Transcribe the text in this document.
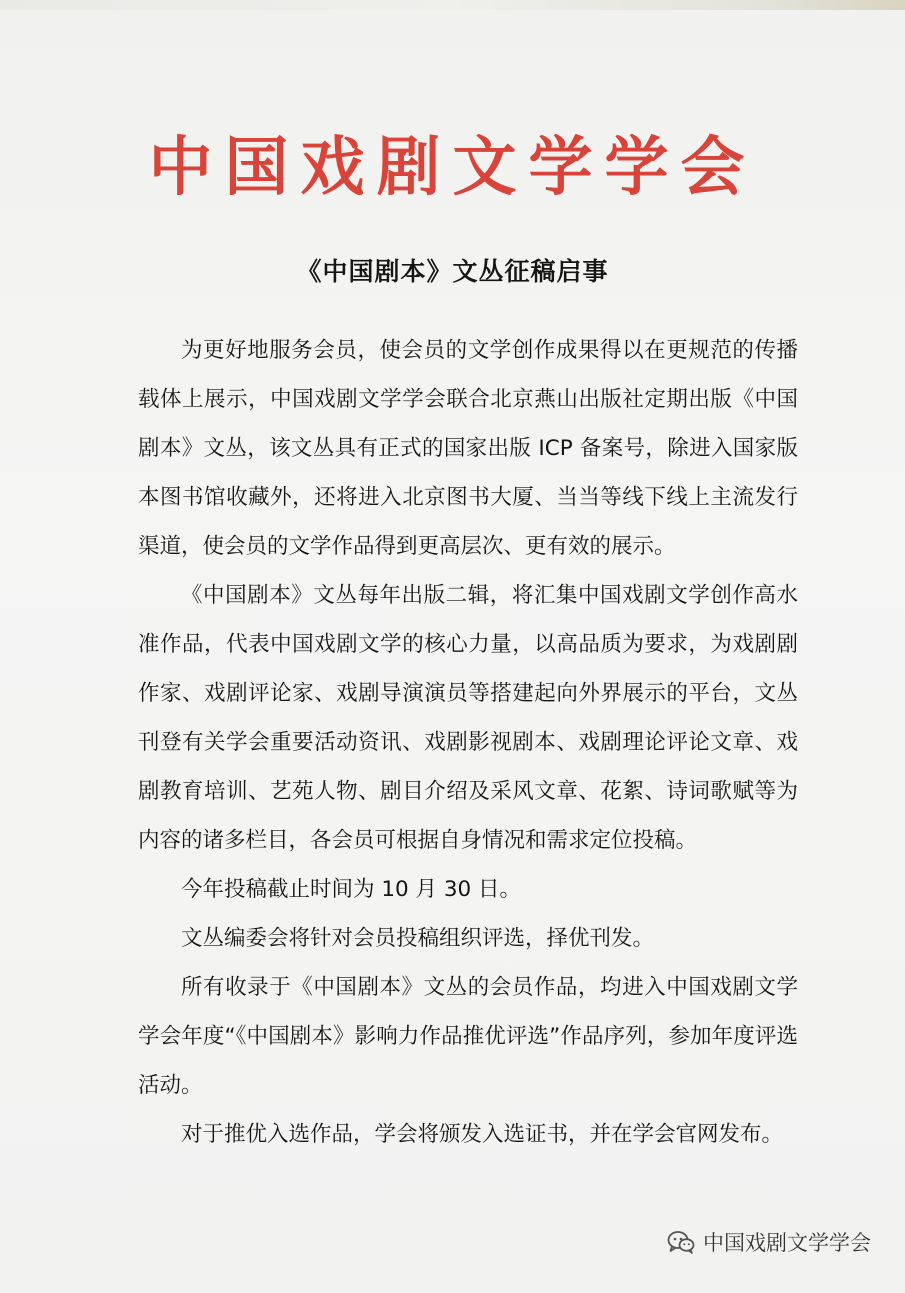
中国戏剧文学学会
《中国剧本》文丛征稿启事

为更好地服务会员，使会员的文学创作成果得以在更规范的传播载体上展示，中国戏剧文学学会联合北京燕山出版社定期出版《中国剧本》文丛，该文丛具有正式的国家出版 ICP 备案号，除进入国家版本图书馆收藏外，还将进入北京图书大厦、当当等线下线上主流发行渠道，使会员的文学作品得到更高层次、更有效的展示。

《中国剧本》文丛每年出版二辑，将汇集中国戏剧文学创作高水准作品，代表中国戏剧文学的核心力量，以高品质为要求，为戏剧剧作家、戏剧评论家、戏剧导演演员等搭建起向外界展示的平台，文丛刊登有关学会重要活动资讯、戏剧影视剧本、戏剧理论评论文章、戏剧教育培训、艺苑人物、剧目介绍及采风文章、花絮、诗词歌赋等为内容的诸多栏目，各会员可根据自身情况和需求定位投稿。

今年投稿截止时间为 10 月 30 日。

文丛编委会将针对会员投稿组织评选，择优刊发。

所有收录于《中国剧本》文丛的会员作品，均进入中国戏剧文学学会年度“《中国剧本》影响力作品推优评选”作品序列，参加年度评选活动。

对于推优入选作品，学会将颁发入选证书，并在学会官网发布。

中国戏剧文学学会
